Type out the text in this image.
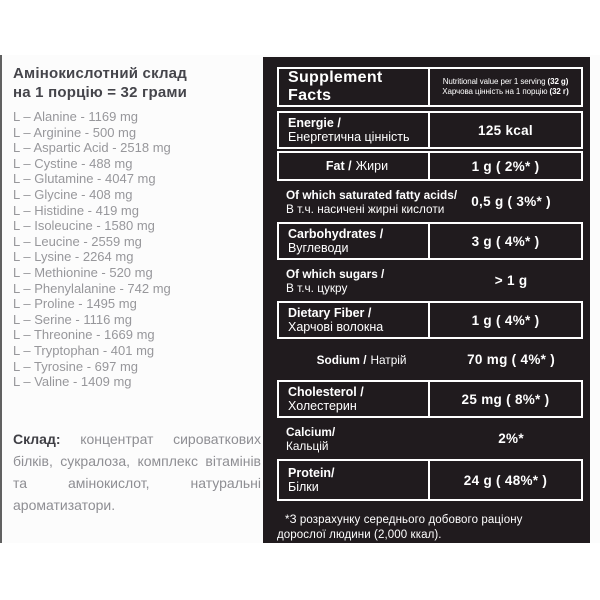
Амінокислотний склад
на 1 порцію = 32 грами
L – Alanine - 1169 mg
L – Arginine - 500 mg
L – Aspartic Acid - 2518 mg
L – Cystine - 488 mg
L – Glutamine - 4047 mg
L – Glycine - 408 mg
L – Histidine - 419 mg
L – Isoleucine - 1580 mg
L – Leucine - 2559 mg
L – Lysine - 2264 mg
L – Methionine - 520 mg
L – Phenylalanine - 742 mg
L – Proline - 1495 mg
L – Serine - 1116 mg
L – Threonine - 1669 mg
L – Tryptophan - 401 mg
L – Tyrosine - 697 mg
L – Valine - 1409 mg
Склад: концентрат сироваткових білків, сукралоза, комплекс вітамінів та амінокислот, натуральні ароматизатори.
Supplement Facts
Nutritional value per 1 serving (32 g)
Харчова цінність на 1 порцію (32 г)
Energie /
Енергетична цінність	125 kcal
Fat / Жири	1 g ( 2%* )
Of which saturated fatty acids/
В т.ч. насичені жирні кислоти	0,5 g ( 3%* )
Carbohydrates /
Вуглеводи	3 g ( 4%* )
Of which sugars /
В т.ч. цукру	> 1 g
Dietary Fiber /
Харчові волокна	1 g ( 4%* )
Sodium / Натрій	70 mg ( 4%* )
Cholesterol /
Холестерин	25 mg ( 8%* )
Calcium/
Кальцій	2%*
Protein/
Білки	24 g ( 48%* )
*З розрахунку середнього добового раціону
дорослої людини (2,000 ккал).
*Reference intake of an average adult (2,000 kcal).
